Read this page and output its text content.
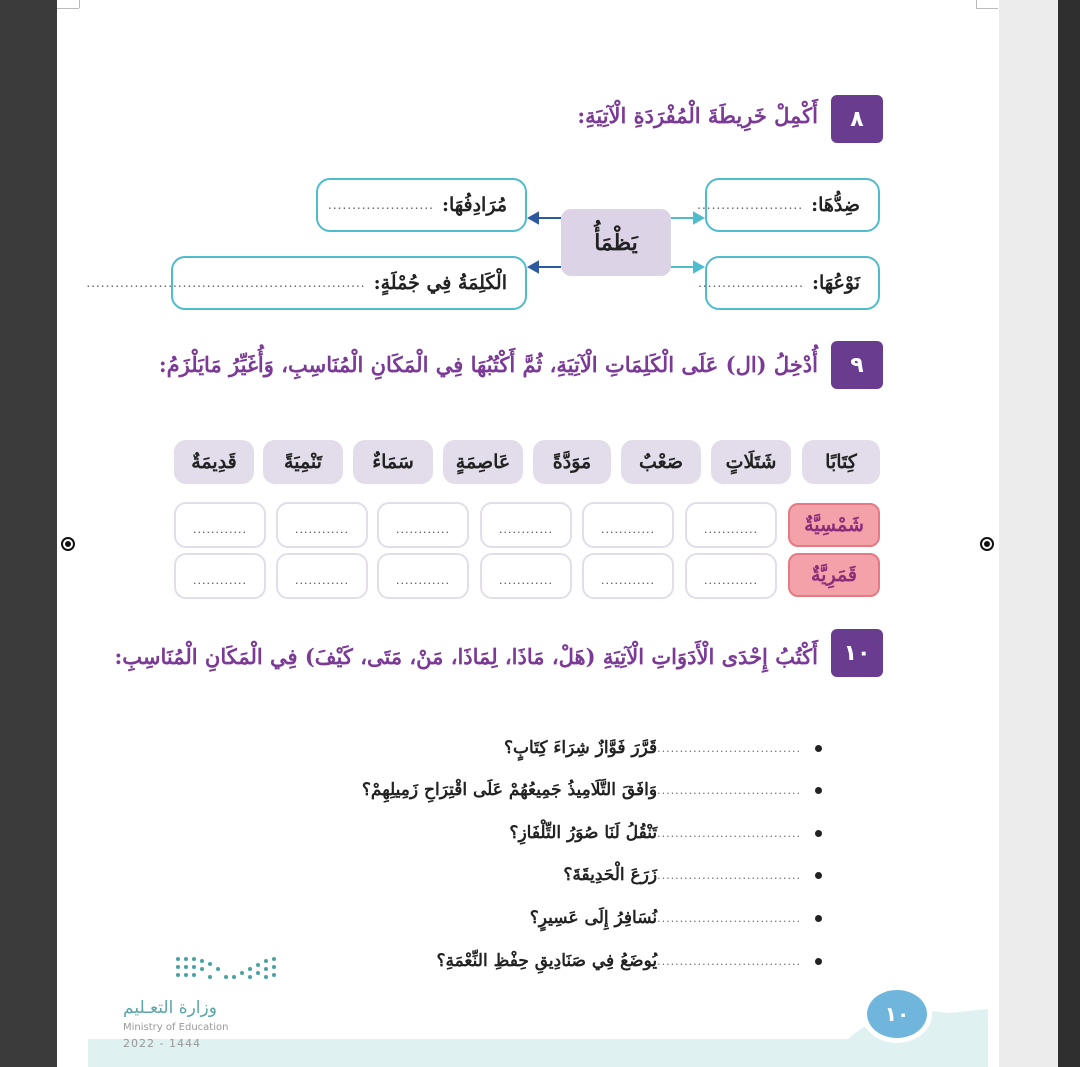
٨
أَكْمِلْ خَرِيطَةَ الْمُفْرَدَةِ الْآتِيَةِ:
ضِدُّهَا:
......................
مُرَادِفُهَا:
......................
نَوْعُهَا:
......................
الْكَلِمَةُ فِي جُمْلَةٍ:
..........................................................
يَظْمَأُ
٩
أُدْخِلُ (ال) عَلَى الْكَلِمَاتِ الْآتِيَةِ، ثُمَّ أَكْتُبُهَا فِي الْمَكَانِ الْمُنَاسِبِ، وَأُغَيِّرُ مَايَلْزَمُ:
كِتَابًا
شَتَلَاتٍ
صَعْبٌ
مَوَدَّةً
عَاصِمَةٍ
سَمَاءٌ
تَنْمِيَةً
قَدِيمَةٌ
شَمْسِيَّةٌ
قَمَرِيَّةٌ
............
............
............
............
............
............
............
............
............
............
............
............
١٠
أَكْتُبُ إِحْدَى الْأَدَوَاتِ الْآتِيَةِ (هَلْ، مَاذَا، لِمَاذَا، مَنْ، مَتَى، كَيْفَ) فِي الْمَكَانِ الْمُنَاسِبِ:
................................
قَرَّرَ فَوَّازٌ شِرَاءَ كِتَابٍ؟
................................
وَافَقَ التَّلَامِيذُ جَمِيعُهُمْ عَلَى اقْتِرَاحِ زَمِيلِهِمْ؟
................................
تَنْقُلُ لَنَا صُوَرُ التِّلْفَازِ؟
................................
زَرَعَ الْحَدِيقَةَ؟
................................
نُسَافِرُ إِلَى عَسِيرٍ؟
................................
يُوضَعُ فِي صَنَادِيقِ حِفْظِ النِّعْمَةِ؟
وزارة التعـليم
Ministry of Education
2022 - 1444
١٠
